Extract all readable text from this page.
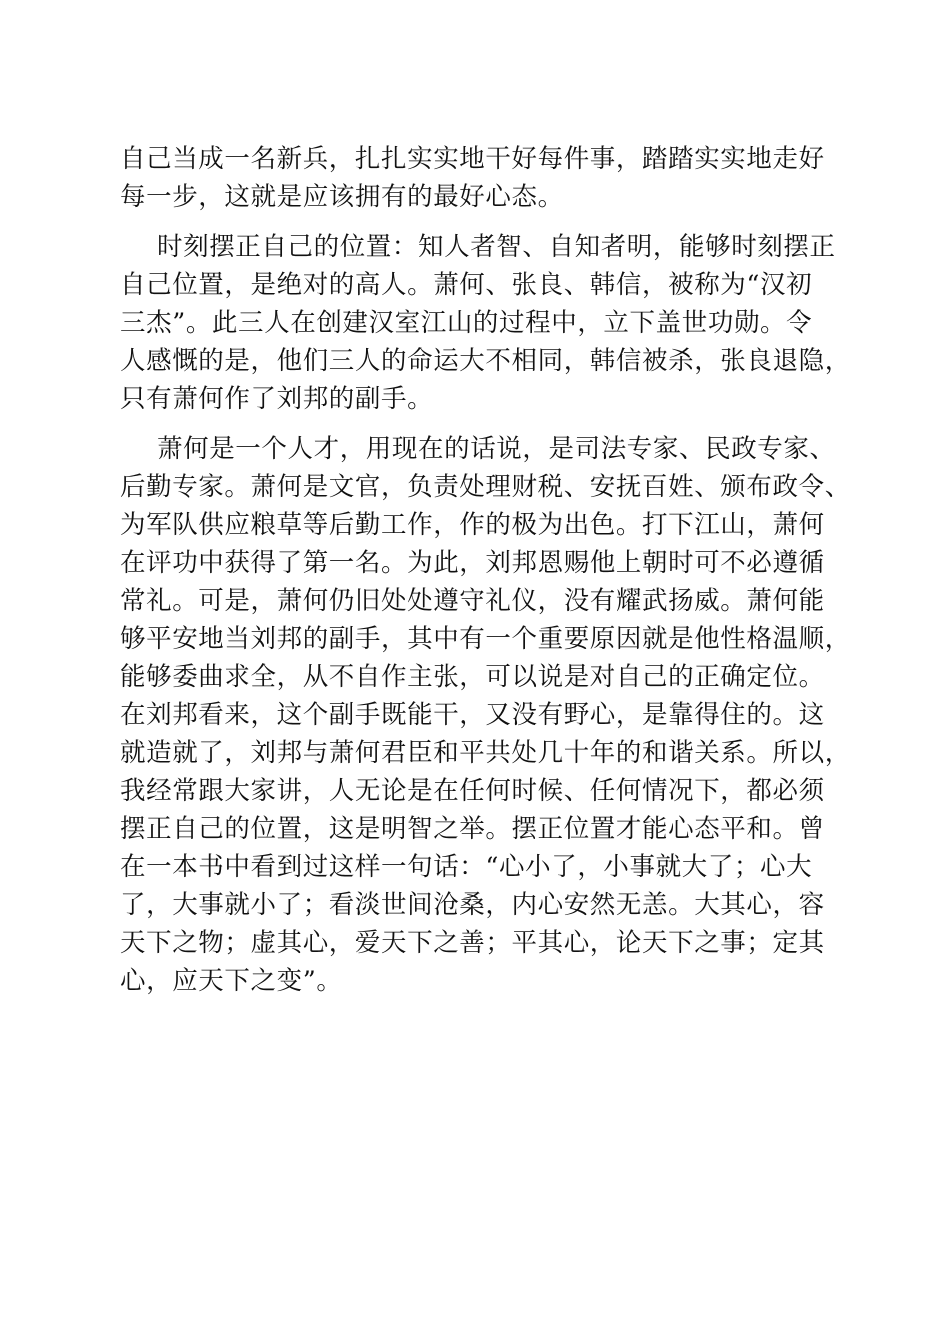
自己当成一名新兵，扎扎实实地干好每件事，踏踏实实地走好
每一步，这就是应该拥有的最好心态。
时刻摆正自己的位置：知人者智、自知者明，能够时刻摆正
自己位置，是绝对的高人。萧何、张良、韩信，被称为“汉初
三杰”。此三人在创建汉室江山的过程中，立下盖世功勋。令
人感慨的是，他们三人的命运大不相同，韩信被杀，张良退隐，
只有萧何作了刘邦的副手。
萧何是一个人才，用现在的话说，是司法专家、民政专家、
后勤专家。萧何是文官，负责处理财税、安抚百姓、颁布政令、
为军队供应粮草等后勤工作，作的极为出色。打下江山，萧何
在评功中获得了第一名。为此，刘邦恩赐他上朝时可不必遵循
常礼。可是，萧何仍旧处处遵守礼仪，没有耀武扬威。萧何能
够平安地当刘邦的副手，其中有一个重要原因就是他性格温顺，
能够委曲求全，从不自作主张，可以说是对自己的正确定位。
在刘邦看来，这个副手既能干，又没有野心，是靠得住的。这
就造就了，刘邦与萧何君臣和平共处几十年的和谐关系。所以，
我经常跟大家讲，人无论是在任何时候、任何情况下，都必须
摆正自己的位置，这是明智之举。摆正位置才能心态平和。曾
在一本书中看到过这样一句话：“心小了，小事就大了；心大
了，大事就小了；看淡世间沧桑，内心安然无恙。大其心，容
天下之物；虚其心，爱天下之善；平其心，论天下之事；定其
心，应天下之变”。
